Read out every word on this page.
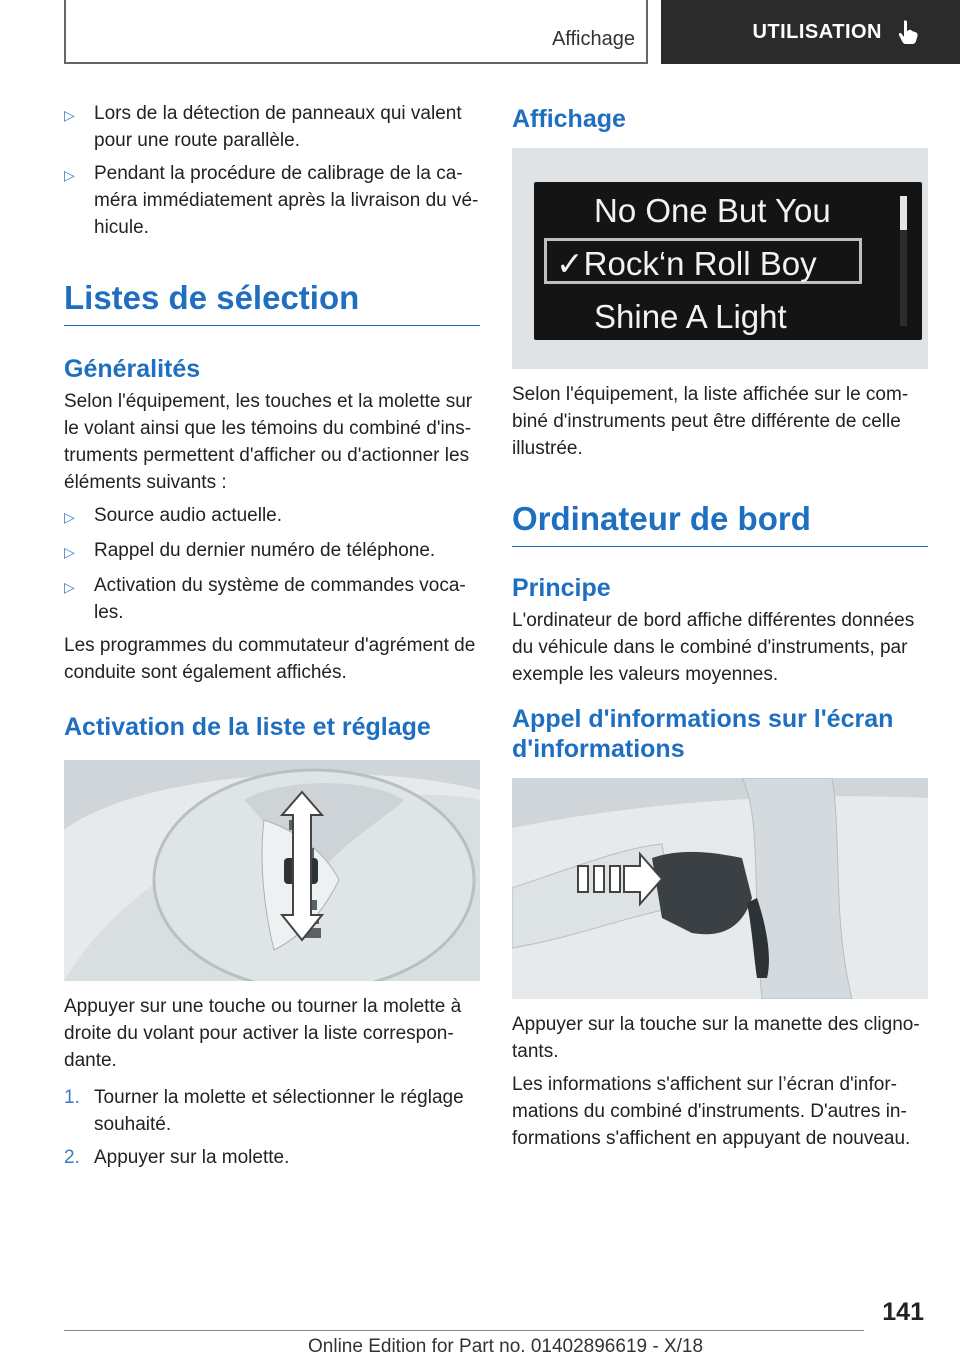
Affichage	UTILISATION
▷	Lors de la détection de panneaux qui valent pour une route parallèle.
▷	Pendant la procédure de calibrage de la ca- méra immédiatement après la livraison du vé- hicule.
Listes de sélection
Généralités

Selon l'équipement, les touches et la molette sur le volant ainsi que les témoins du combiné d'ins- truments permettent d'afficher ou d'actionner les éléments suivants :

▷	Source audio actuelle.
▷	Rappel du dernier numéro de téléphone.
▷	Activation du système de commandes voca- les.

Les programmes du commutateur d'agrément de conduite sont également affichés.

Activation de la liste et réglage

Appuyer sur une touche ou tourner la molette à droite du volant pour activer la liste correspon- dante.

1. Tourner la molette et sélectionner le réglage souhaité.
2. Appuyer sur la molette.
Affichage
No One But You
✓Rock‘n Roll Boy
Shine A Light

Selon l'équipement, la liste affichée sur le com- biné d'instruments peut être différente de celle illustrée.

Ordinateur de bord
Principe

L'ordinateur de bord affiche différentes données du véhicule dans le combiné d'instruments, par exemple les valeurs moyennes.

Appel d'informations sur l'écran d'informations

Appuyer sur la touche sur la manette des cligno- tants.

Les informations s'affichent sur l’écran d'infor- mations du combiné d'instruments. D'autres in- formations s'affichent en appuyant de nouveau.

141
Online Edition for Part no. 01402896619 - X/18
